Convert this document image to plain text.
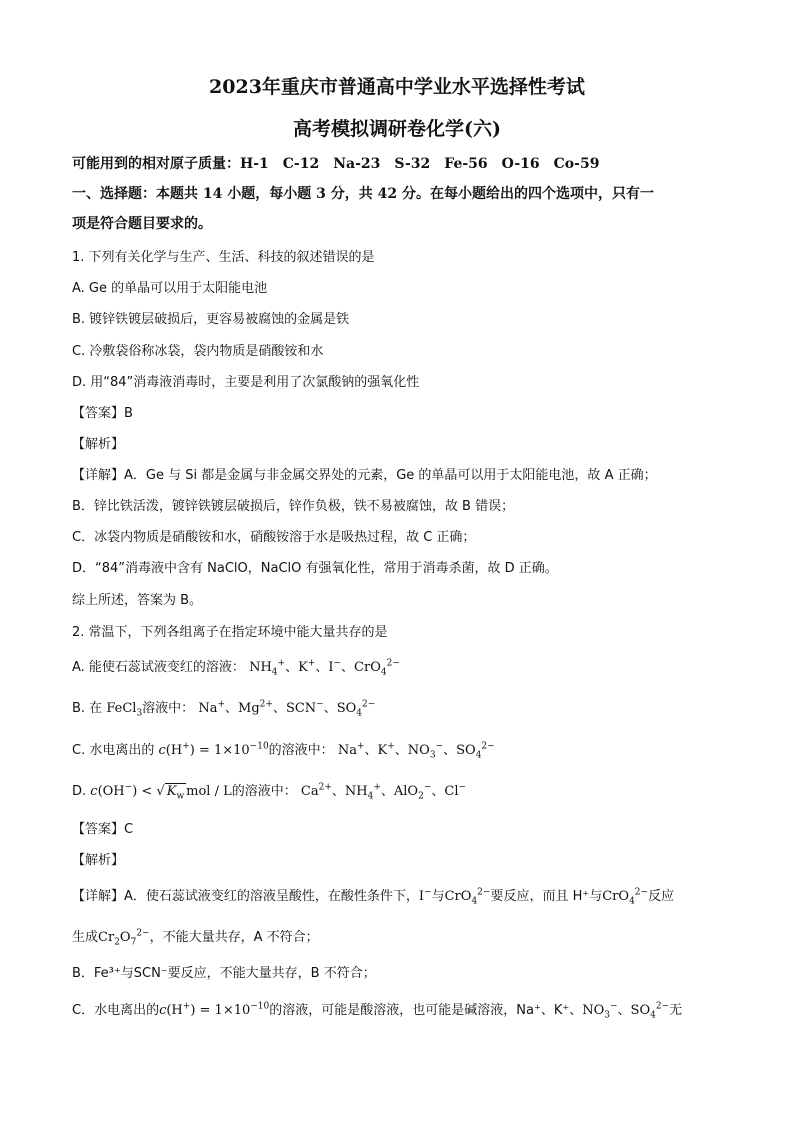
2023年重庆市普通高中学业水平选择性考试
高考模拟调研卷化学(六)
可能用到的相对原子质量：H-1　C-12　Na-23　S-32　Fe-56　O-16　Co-59
一、选择题：本题共 14 小题，每小题 3 分，共 42 分。在每小题给出的四个选项中，只有一
项是符合题目要求的。
1. 下列有关化学与生产、生活、科技的叙述错误的是
A. Ge 的单晶可以用于太阳能电池
B. 镀锌铁镀层破损后，更容易被腐蚀的金属是铁
C. 冷敷袋俗称冰袋，袋内物质是硝酸铵和水
D. 用“84”消毒液消毒时，主要是利用了次氯酸钠的强氧化性
【答案】B
【解析】
【详解】A．Ge 与 Si 都是金属与非金属交界处的元素，Ge 的单晶可以用于太阳能电池，故 A 正确；
B．锌比铁活泼，镀锌铁镀层破损后，锌作负极，铁不易被腐蚀，故 B 错误；
C．冰袋内物质是硝酸铵和水，硝酸铵溶于水是吸热过程，故 C 正确；
D．“84”消毒液中含有 NaClO，NaClO 有强氧化性，常用于消毒杀菌，故 D 正确。
综上所述，答案为 B。
2. 常温下，下列各组离子在指定环境中能大量共存的是
A. 能使石蕊试液变红的溶液： $NH_4^+$、K+、I−、CrO$_4^{2-}$
B. 在 FeCl$_3$溶液中： Na+、$Mg^{2+}$、SCN−、$SO_4^{2-}$
C. 水电离出的 $c(H^+) = 1\times 10^{-10}$的溶液中： Na+、K+、$NO_3^-$、$SO_4^{2-}$
D. c(OH−) < √ $K_w$ mol / L的溶液中： $Ca^{2+}$、$NH_4^+$、AlO$_2$−、Cl−
【答案】C
【解析】
【详解】A．使石蕊试液变红的溶液呈酸性，在酸性条件下，I−与CrO$_4^{2-}$要反应，而且 H⁺与CrO$_4^{2-}$反应
生成$Cr_2O_7^{2-}$，不能大量共存，A 不符合；
B．Fe³⁺与SCN⁻要反应，不能大量共存，B 不符合；
C．水电离出的$c(H^+) = 1\times 10^{-10}$的溶液，可能是酸溶液，也可能是碱溶液，Na⁺、K⁺、$NO_3^-$、$SO_4^{2-}$无
